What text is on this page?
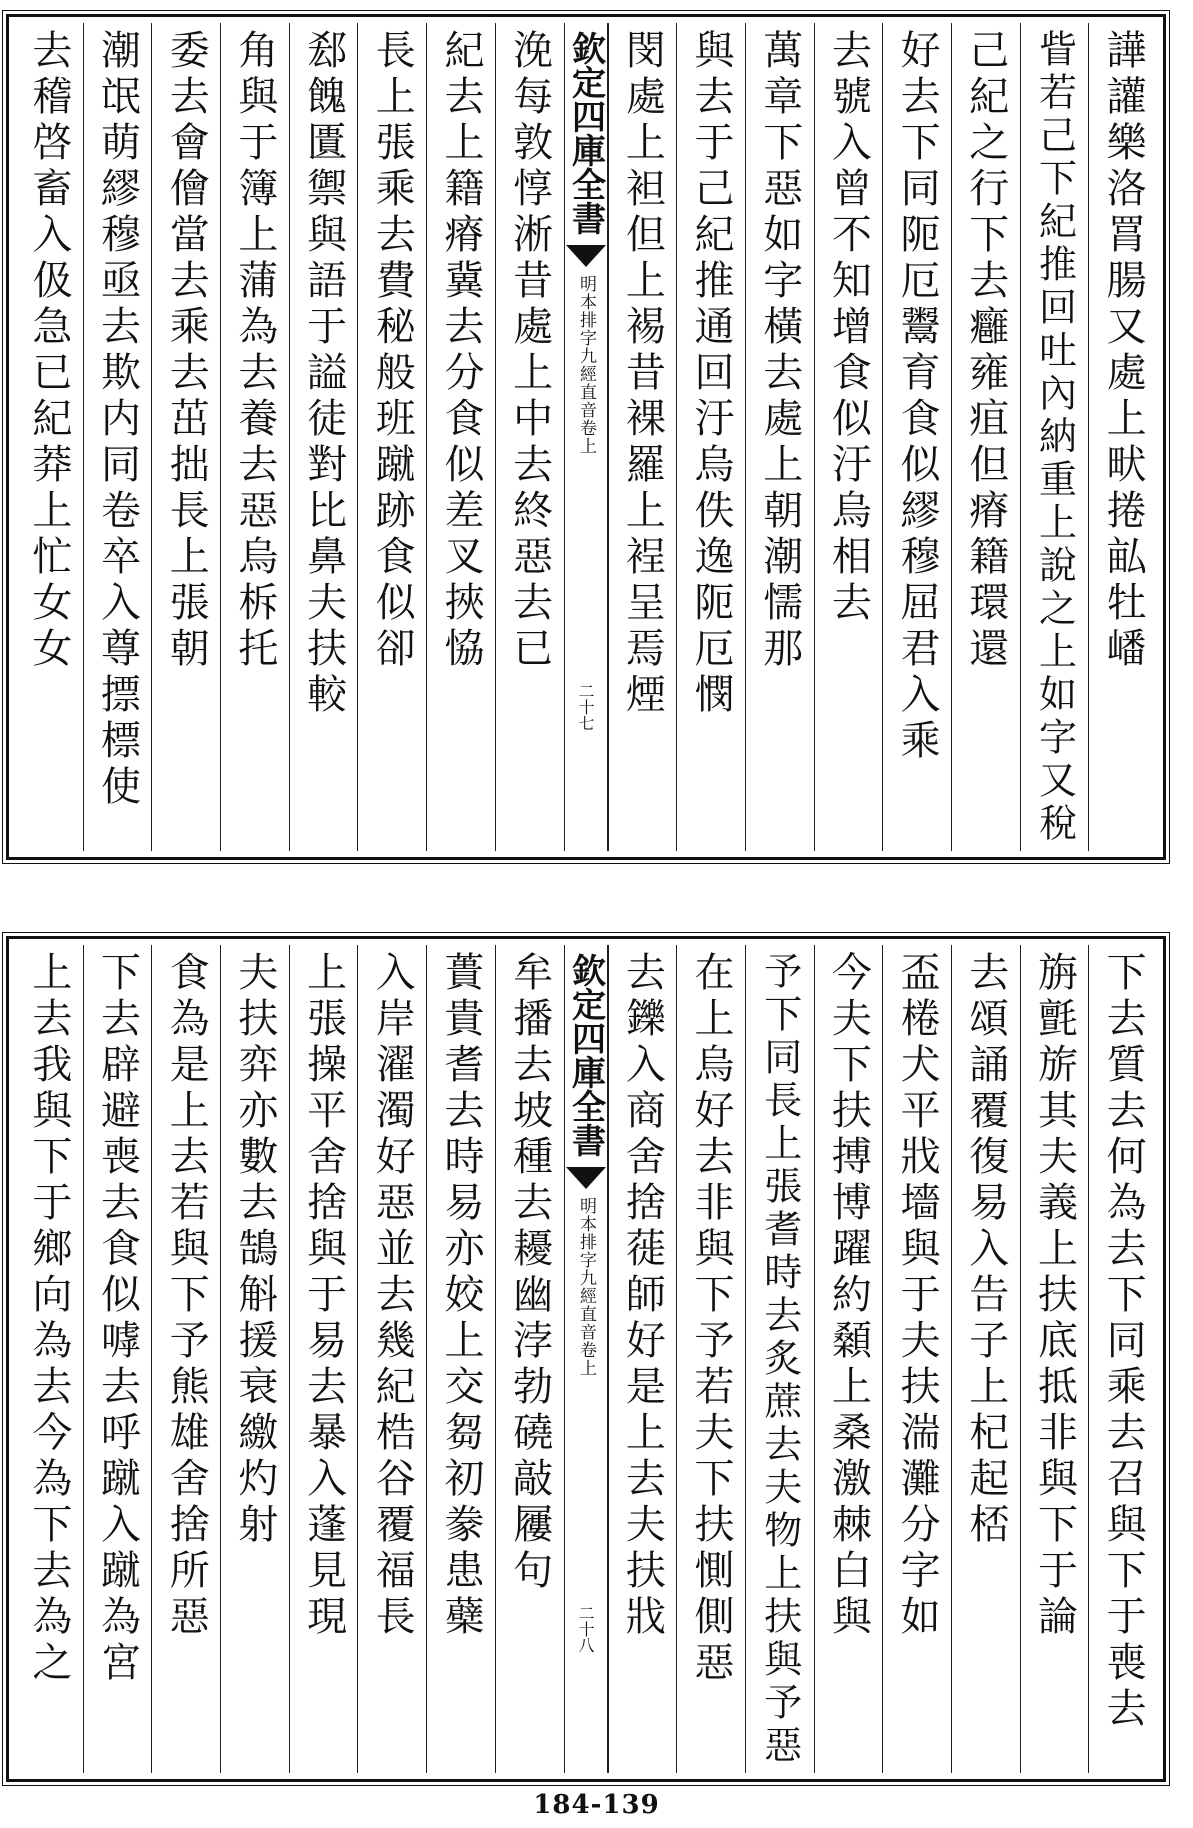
譁讙樂洛罥腸又處上畎捲畆牡嶓
眥若己下紀推回吐內納重上說之上如字又稅
己紀之行下去癰雍疽但瘠籍環還
好去下同阨厄鬻育食似繆穆屈君入乘
去號入曾不知增食似汙烏相去
萬章下惡如字橫去處上朝潮懦那
與去于己紀推通回汙烏佚逸阨厄憫
閔處上袒但上裼昔裸羅上裎呈焉煙
欽定四庫全書
明本排字九經直音
卷上
二十七
浼每敦惇淅昔處上中去終惡去已
紀去上籍瘠冀去分食似差叉挾恊
長上張乘去費秘般班蹴跡食似卻
郄餽匱禦與語于謚徒對比鼻夫扶較
角與于簿上蒲為去養去惡烏柝托
委去會儈當去乘去茁拙長上張朝
潮氓萌繆穆亟去欺内同卷卒入尊摽標使
去稽啓畜入伋急已紀莽上忙女女
下去質去何為去下同乘去召與下于喪去
旃氈旂其夫義上扶底抵非與下于論
去頌誦覆復易入告子上杞起桮
盃棬犬平戕墻與于夫扶湍灘分字如
今夫下扶搏博躍約顙上桑激棘白與
予下同長上張耆時去炙蔗去夫物上扶與予惡
在上烏好去非與下予若夫下扶惻側惡
去鑠入商舍捨蓰師好是上去夫扶戕
欽定四庫全書
明本排字九經直音
卷上
二十八
牟播去坡種去耰幽浡勃磽敲屨句
蕢貴耆去時易亦姣上交芻初豢患蘗
入岸濯濁好惡並去幾紀梏谷覆福長
上張操平舍捨與于易去暴入蓬見現
夫扶弈亦數去鵠斛援衰繳灼射
食為是上去若與下予熊雄舍捨所惡
下去辟避喪去食似嘑去呼蹴入蹴為宮
上去我與下于鄉向為去今為下去為之
184-139
